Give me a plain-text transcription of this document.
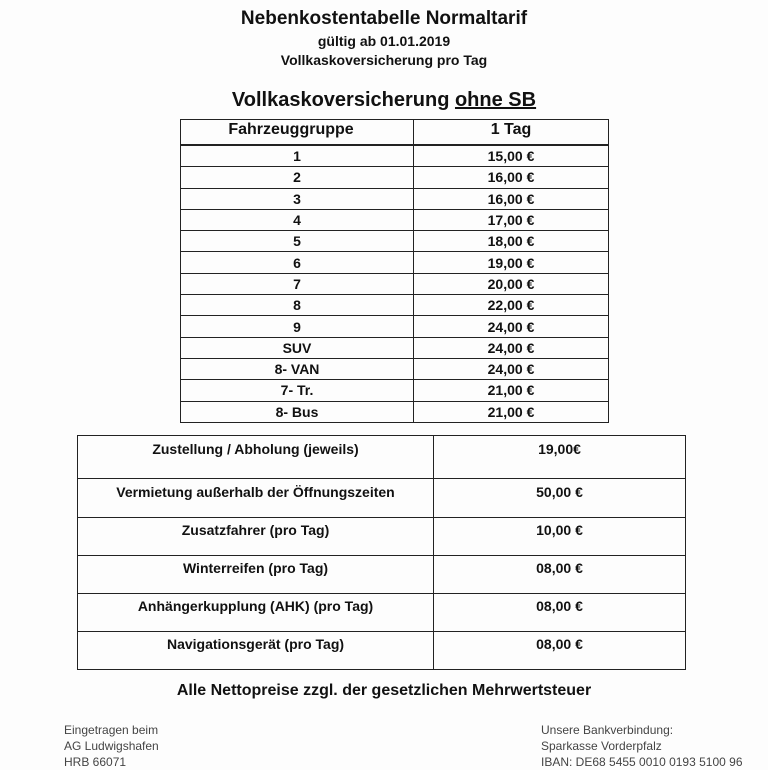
Nebenkostentabelle Normaltarif
gültig ab 01.01.2019
Vollkaskoversicherung pro Tag
Vollkaskoversicherung ohne SB
Fahrzeuggruppe	1 Tag
1	15,00 €
2	16,00 €
3	16,00 €
4	17,00 €
5	18,00 €
6	19,00 €
7	20,00 €
8	22,00 €
9	24,00 €
SUV	24,00 €
8- VAN	24,00 €
7- Tr.	21,00 €
8- Bus	21,00 €
Zustellung / Abholung (jeweils)	19,00€
Vermietung außerhalb der Öffnungszeiten	50,00 €
Zusatzfahrer (pro Tag)	10,00 €
Winterreifen (pro Tag)	08,00 €
Anhängerkupplung (AHK) (pro Tag)	08,00 €
Navigationsgerät (pro Tag)	08,00 €
Alle Nettopreise zzgl. der gesetzlichen Mehrwertsteuer
Eingetragen beim
AG Ludwigshafen
HRB 66071
Unsere Bankverbindung:
Sparkasse Vorderpfalz
IBAN: DE68 5455 0010 0193 5100 96
